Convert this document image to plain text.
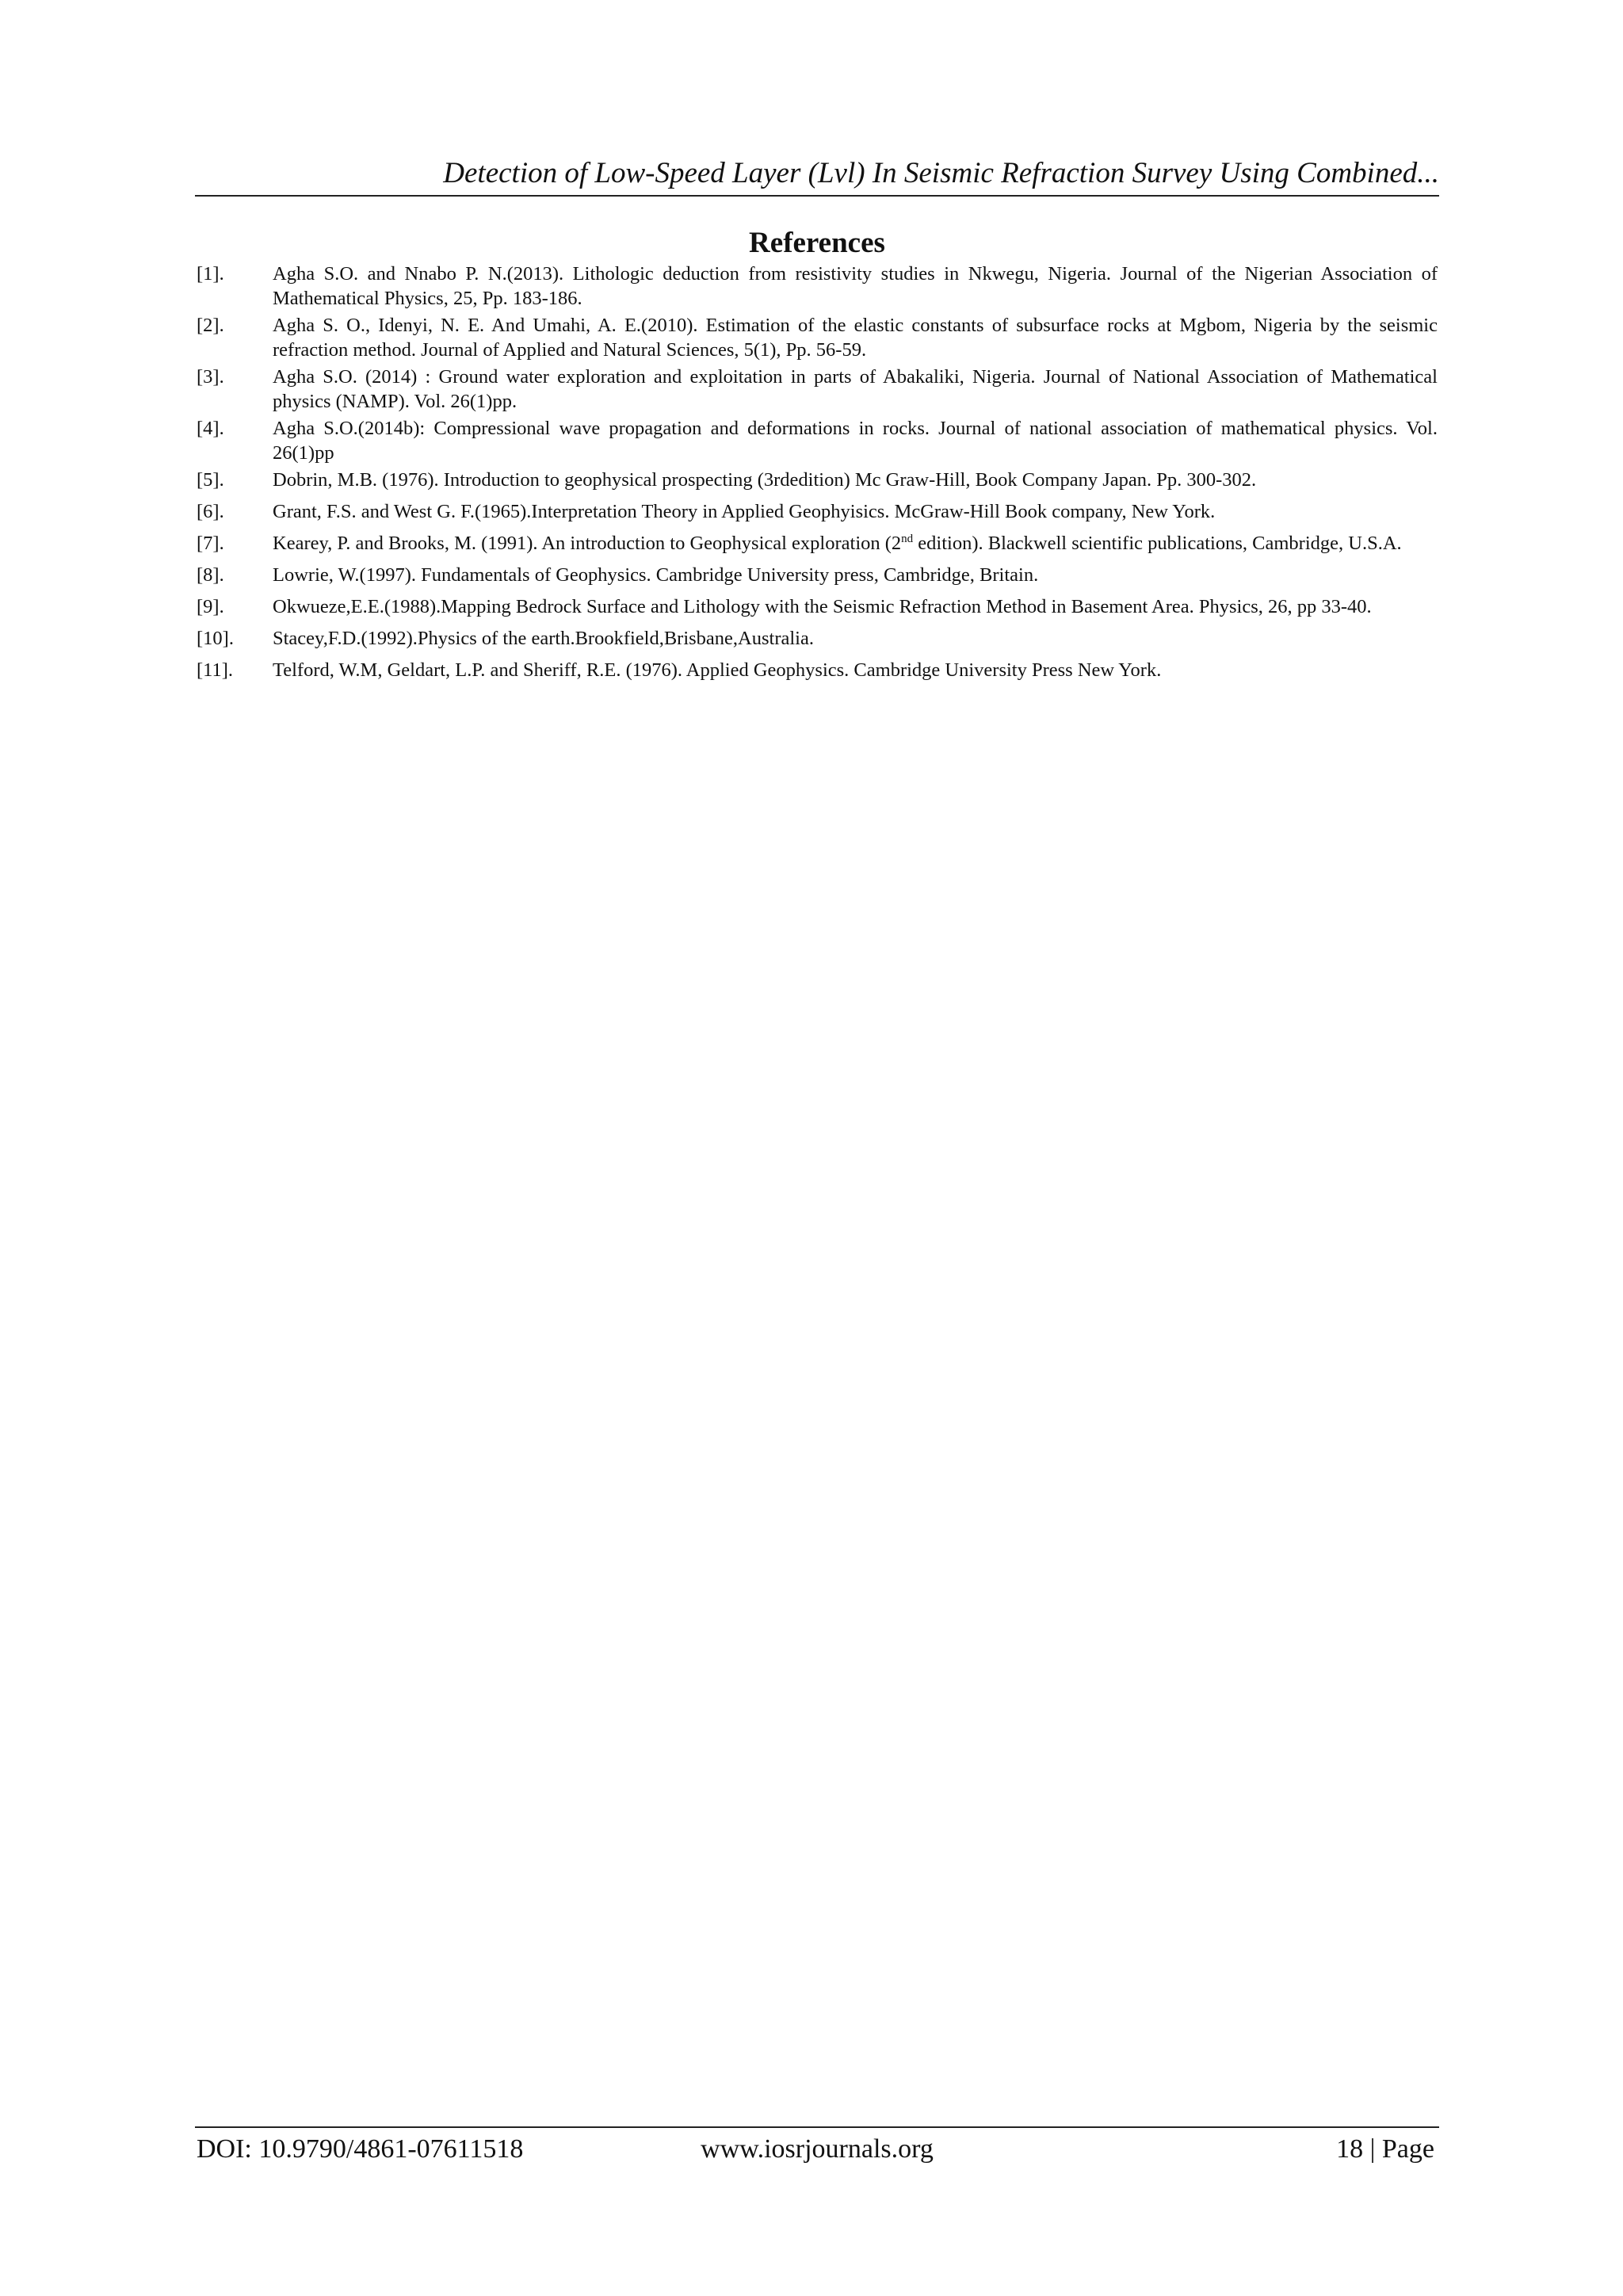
Detection of Low-Speed Layer (Lvl) In Seismic Refraction Survey Using Combined...
References
[1].	Agha S.O. and Nnabo P. N.(2013). Lithologic deduction from resistivity studies in Nkwegu, Nigeria. Journal of the Nigerian Association of Mathematical Physics, 25, Pp. 183-186.
[2].	Agha S. O., Idenyi, N. E. And Umahi, A. E.(2010). Estimation of the elastic constants of subsurface rocks at Mgbom, Nigeria by the seismic refraction method. Journal of Applied and Natural Sciences, 5(1), Pp. 56-59.
[3].	Agha S.O. (2014) : Ground water exploration and exploitation in parts of Abakaliki, Nigeria. Journal of National Association of Mathematical physics (NAMP). Vol. 26(1)pp.
[4].	Agha S.O.(2014b): Compressional wave propagation and deformations in rocks. Journal of national association of mathematical physics. Vol. 26(1)pp
[5].	Dobrin, M.B. (1976). Introduction to geophysical prospecting (3rdedition) Mc Graw-Hill, Book Company Japan. Pp. 300-302.
[6].	Grant, F.S. and West G. F.(1965).Interpretation Theory in Applied Geophyisics. McGraw-Hill Book company, New York.
[7].	Kearey, P. and Brooks, M. (1991). An introduction to Geophysical exploration (2nd edition). Blackwell scientific publications, Cambridge, U.S.A.
[8].	Lowrie, W.(1997). Fundamentals of Geophysics. Cambridge University press, Cambridge, Britain.
[9].	Okwueze,E.E.(1988).Mapping Bedrock Surface and Lithology with the Seismic Refraction Method in Basement Area. Physics, 26, pp 33-40.
[10].	Stacey,F.D.(1992).Physics of the earth.Brookfield,Brisbane,Australia.
[11].	Telford, W.M, Geldart, L.P. and Sheriff, R.E. (1976). Applied Geophysics. Cambridge University Press New York.
DOI: 10.9790/4861-07611518	www.iosrjournals.org	18 | Page
